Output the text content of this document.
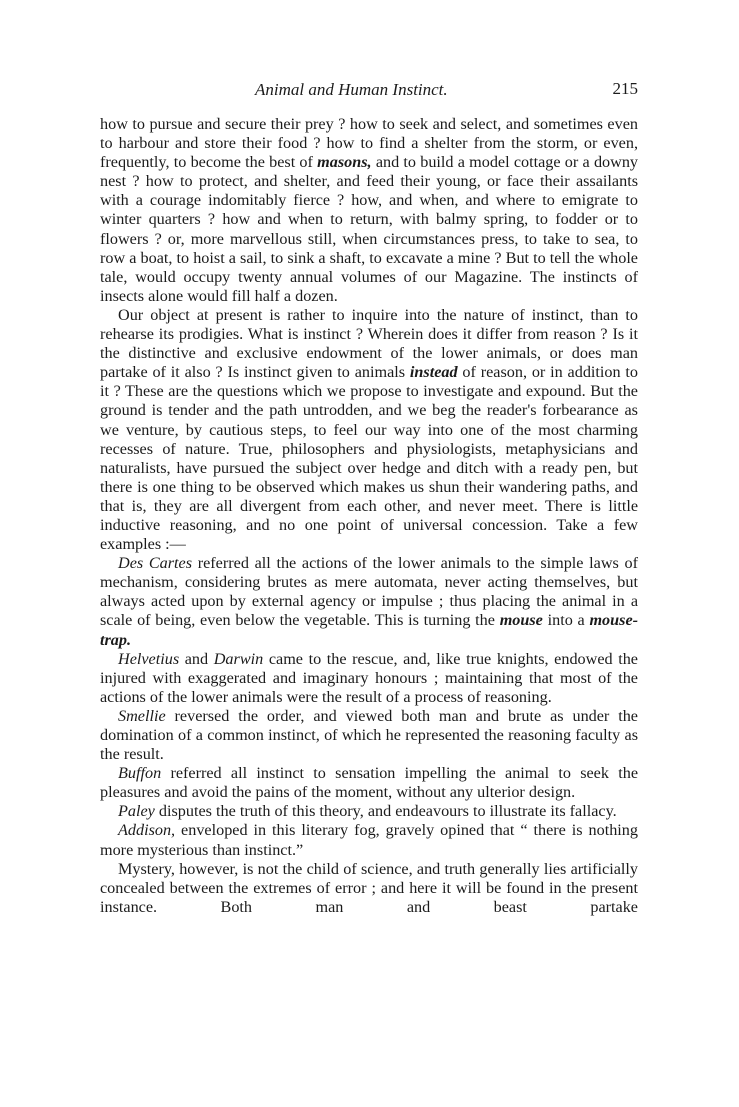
Animal and Human Instinct.	215

how to pursue and secure their prey ? how to seek and select, and sometimes even to harbour and store their food ? how to find a shelter from the storm, or even, frequently, to become the best of masons, and to build a model cottage or a downy nest ? how to protect, and shelter, and feed their young, or face their assailants with a courage indomitably fierce ? how, and when, and where to emigrate to winter quarters ? how and when to return, with balmy spring, to fodder or to flowers ? or, more marvellous still, when circumstances press, to take to sea, to row a boat, to hoist a sail, to sink a shaft, to excavate a mine ? But to tell the whole tale, would occupy twenty annual volumes of our Magazine. The instincts of insects alone would fill half a dozen.

Our object at present is rather to inquire into the nature of instinct, than to rehearse its prodigies. What is instinct ? Wherein does it differ from reason ? Is it the distinctive and exclusive endowment of the lower animals, or does man partake of it also ? Is instinct given to animals instead of reason, or in addition to it ? These are the questions which we propose to investigate and expound. But the ground is tender and the path untrodden, and we beg the reader's forbearance as we venture, by cautious steps, to feel our way into one of the most charming recesses of nature. True, philosophers and physiologists, metaphysicians and naturalists, have pursued the subject over hedge and ditch with a ready pen, but there is one thing to be observed which makes us shun their wandering paths, and that is, they are all divergent from each other, and never meet. There is little inductive reasoning, and no one point of universal concession. Take a few examples :—

Des Cartes referred all the actions of the lower animals to the simple laws of mechanism, considering brutes as mere automata, never acting themselves, but always acted upon by external agency or impulse ; thus placing the animal in a scale of being, even below the vegetable. This is turning the mouse into a mouse-trap.

Helvetius and Darwin came to the rescue, and, like true knights, endowed the injured with exaggerated and imaginary honours ; maintaining that most of the actions of the lower animals were the result of a process of reasoning.

Smellie reversed the order, and viewed both man and brute as under the domination of a common instinct, of which he represented the reasoning faculty as the result.

Buffon referred all instinct to sensation impelling the animal to seek the pleasures and avoid the pains of the moment, without any ulterior design.

Paley disputes the truth of this theory, and endeavours to illustrate its fallacy.

Addison, enveloped in this literary fog, gravely opined that “ there is nothing more mysterious than instinct.”

Mystery, however, is not the child of science, and truth generally lies artificially concealed between the extremes of error ; and here it will be found in the present instance. Both man and beast partake
